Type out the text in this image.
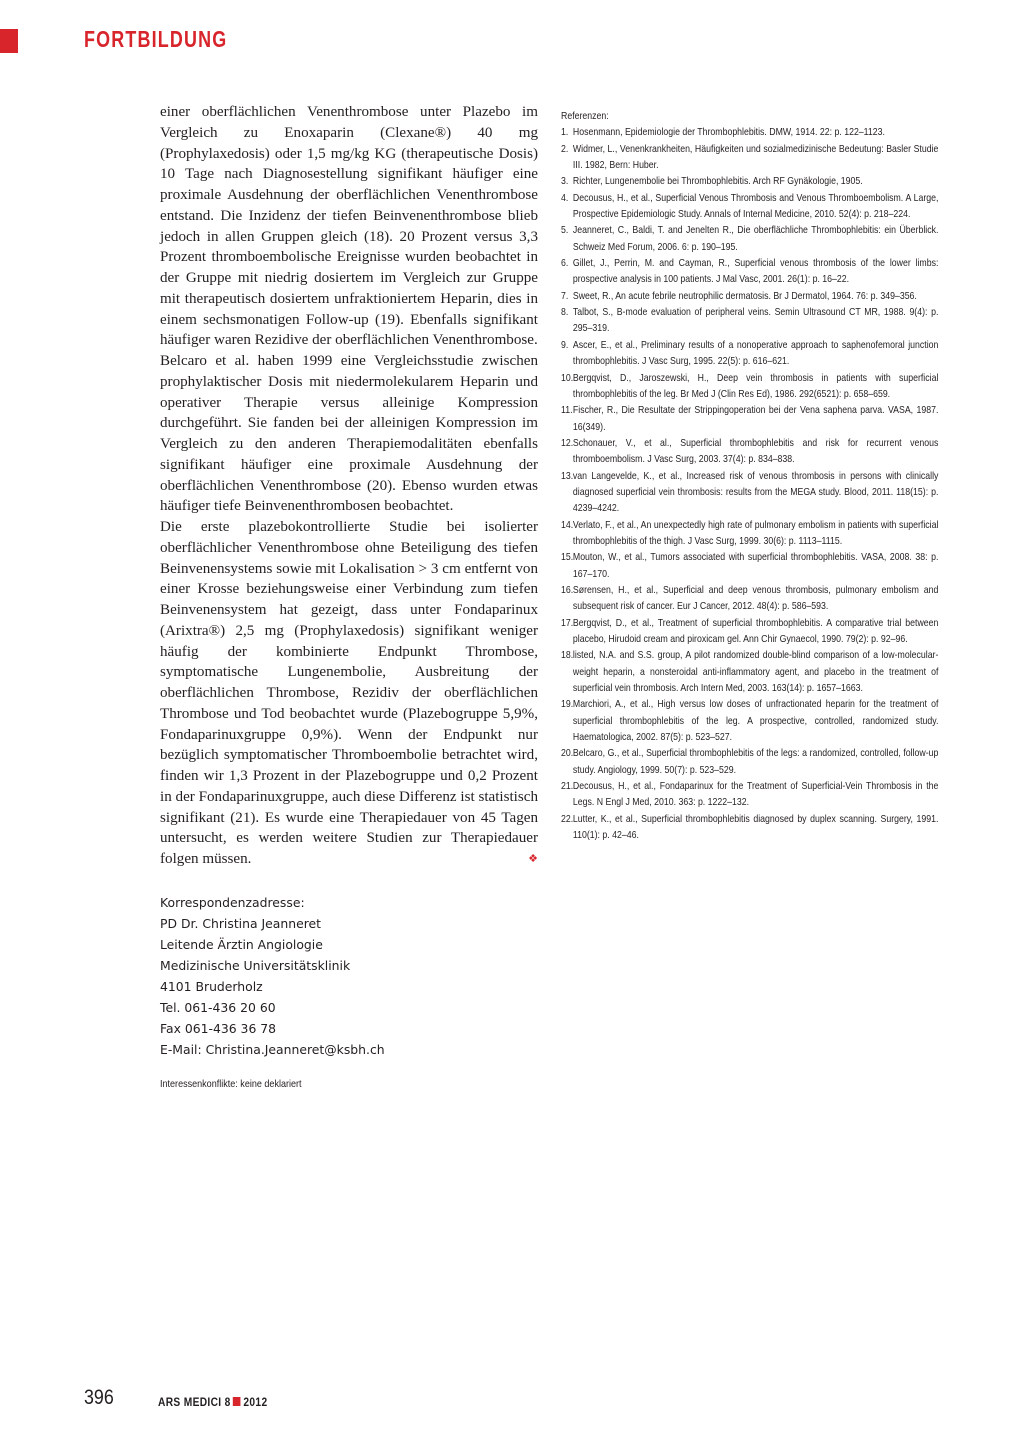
FORTBILDUNG

einer oberflächlichen Venenthrombose unter Plazebo im Vergleich zu Enoxaparin (Clexane®) 40 mg (Prophylaxedosis) oder 1,5 mg/kg KG (therapeutische Dosis) 10 Tage nach Diagnosestellung signifikant häufiger eine proximale Ausdehnung der oberflächlichen Venenthrombose entstand. Die Inzidenz der tiefen Beinvenenthrombose blieb jedoch in allen Gruppen gleich (18). 20 Prozent versus 3,3 Prozent thromboembolische Ereignisse wurden beobachtet in der Gruppe mit niedrig dosiertem im Vergleich zur Gruppe mit therapeutisch dosiertem unfraktioniertem Heparin, dies in einem sechsmonatigen Follow-up (19). Ebenfalls signifikant häufiger waren Rezidive der oberflächlichen Venenthrombose.

Belcaro et al. haben 1999 eine Vergleichsstudie zwischen prophylaktischer Dosis mit niedermolekularem Heparin und operativer Therapie versus alleinige Kompression durchgeführt. Sie fanden bei der alleinigen Kompression im Vergleich zu den anderen Therapiemodalitäten ebenfalls signifikant häufiger eine proximale Ausdehnung der oberflächlichen Venenthrombose (20). Ebenso wurden etwas häufiger tiefe Beinvenenthrombosen beobachtet.

Die erste plazebokontrollierte Studie bei isolierter oberflächlicher Venenthrombose ohne Beteiligung des tiefen Beinvenensystems sowie mit Lokalisation > 3 cm entfernt von einer Krosse beziehungsweise einer Verbindung zum tiefen Beinvenensystem hat gezeigt, dass unter Fondaparinux (Arixtra®) 2,5 mg (Prophylaxedosis) signifikant weniger häufig der kombinierte Endpunkt Thrombose, symptomatische Lungenembolie, Ausbreitung der oberflächlichen Thrombose, Rezidiv der oberflächlichen Thrombose und Tod beobachtet wurde (Plazebogruppe 5,9%, Fondaparinuxgruppe 0,9%). Wenn der Endpunkt nur bezüglich symptomatischer Thromboembolie betrachtet wird, finden wir 1,3 Prozent in der Plazebogruppe und 0,2 Prozent in der Fondaparinuxgruppe, auch diese Differenz ist statistisch signifikant (21). Es wurde eine Therapiedauer von 45 Tagen untersucht, es werden weitere Studien zur Therapiedauer folgen müssen.	❖

Korrespondenzadresse:
PD Dr. Christina Jeanneret
Leitende Ärztin Angiologie
Medizinische Universitätsklinik
4101 Bruderholz
Tel. 061-436 20 60
Fax 061-436 36 78
E-Mail: Christina.Jeanneret@ksbh.ch
Interessenkonflikte: keine deklariert
Referenzen:
1. Hosenmann, Epidemiologie der Thrombophlebitis. DMW, 1914. 22: p. 122–1123.
2. Widmer, L., Venenkrankheiten, Häufigkeiten und sozialmedizinische Bedeutung: Basler Studie III. 1982, Bern: Huber.
3. Richter, Lungenembolie bei Thrombophlebitis. Arch RF Gynäkologie, 1905.
4. Decousus, H., et al., Superficial Venous Thrombosis and Venous Thromboembolism. A Large, Prospective Epidemiologic Study. Annals of Internal Medicine, 2010. 52(4): p. 218–224.
5. Jeanneret, C., Baldi, T. and Jenelten R., Die oberflächliche Thrombophlebitis: ein Überblick. Schweiz Med Forum, 2006. 6: p. 190–195.
6. Gillet, J., Perrin, M. and Cayman, R., Superficial venous thrombosis of the lower limbs: prospective analysis in 100 patients. J Mal Vasc, 2001. 26(1): p. 16–22.
7. Sweet, R., An acute febrile neutrophilic dermatosis. Br J Dermatol, 1964. 76: p. 349–356.
8. Talbot, S., B-mode evaluation of peripheral veins. Semin Ultrasound CT MR, 1988. 9(4): p. 295–319.
9. Ascer, E., et al., Preliminary results of a nonoperative approach to saphenofemoral junction thrombophlebitis. J Vasc Surg, 1995. 22(5): p. 616–621.
10. Bergqvist, D., Jaroszewski, H., Deep vein thrombosis in patients with superficial thrombophlebitis of the leg. Br Med J (Clin Res Ed), 1986. 292(6521): p. 658–659.
11. Fischer, R., Die Resultate der Strippingoperation bei der Vena saphena parva. VASA, 1987. 16(349).
12. Schonauer, V., et al., Superficial thrombophlebitis and risk for recurrent venous thromboembolism. J Vasc Surg, 2003. 37(4): p. 834–838.
13. van Langevelde, K., et al., Increased risk of venous thrombosis in persons with clinically diagnosed superficial vein thrombosis: results from the MEGA study. Blood, 2011. 118(15): p. 4239–4242.
14. Verlato, F., et al., An unexpectedly high rate of pulmonary embolism in patients with superficial thrombophlebitis of the thigh. J Vasc Surg, 1999. 30(6): p. 1113–1115.
15. Mouton, W., et al., Tumors associated with superficial thrombophlebitis. VASA, 2008. 38: p. 167–170.
16. Sørensen, H., et al., Superficial and deep venous thrombosis, pulmonary embolism and subsequent risk of cancer. Eur J Cancer, 2012. 48(4): p. 586–593.
17. Bergqvist, D., et al., Treatment of superficial thrombophlebitis. A comparative trial between placebo, Hirudoid cream and piroxicam gel. Ann Chir Gynaecol, 1990. 79(2): p. 92–96.
18. listed, N.A. and S.S. group, A pilot randomized double-blind comparison of a low-molecular-weight heparin, a nonsteroidal anti-inflammatory agent, and placebo in the treatment of superficial vein thrombosis. Arch Intern Med, 2003. 163(14): p. 1657–1663.
19. Marchiori, A., et al., High versus low doses of unfractionated heparin for the treatment of superficial thrombophlebitis of the leg. A prospective, controlled, randomized study. Haematologica, 2002. 87(5): p. 523–527.
20. Belcaro, G., et al., Superficial thrombophlebitis of the legs: a randomized, controlled, follow-up study. Angiology, 1999. 50(7): p. 523–529.
21. Decousus, H., et al., Fondaparinux for the Treatment of Superficial-Vein Thrombosis in the Legs. N Engl J Med, 2010. 363: p. 1222–132.
22. Lutter, K., et al., Superficial thrombophlebitis diagnosed by duplex scanning. Surgery, 1991. 110(1): p. 42–46.
396	ARS MEDICI 8 2012
